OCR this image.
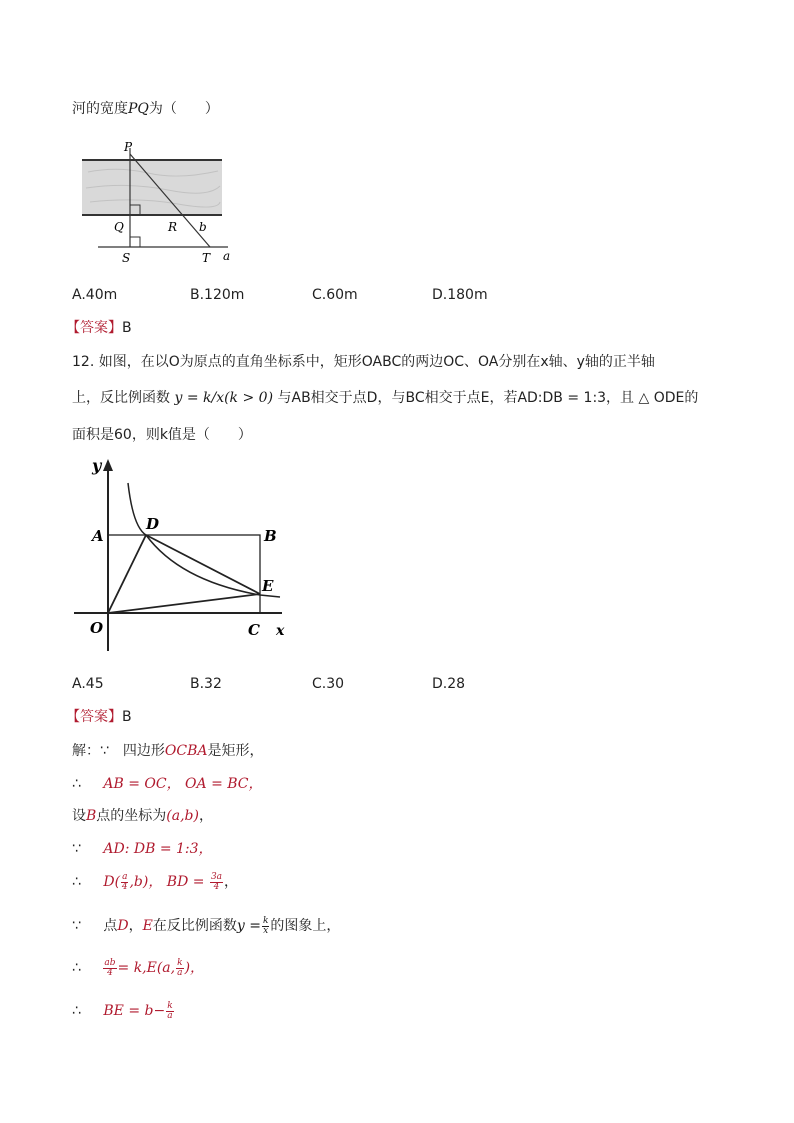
河的宽度PQ为（　　）
P
Q	R b
S	T a
A.40m	B.120m	C.60m	D.180m
【答案】B
12. 如图，在以O为原点的直角坐标系中，矩形OABC的两边OC、OA分别在x轴、y轴的正半轴
上，反比例函数 y = k/x(k > 0) 与AB相交于点D，与BC相交于点E，若AD:DB = 1:3，且 △ ODE的
面积是60，则k值是（　　）
y
A
D
B
E
O	C x
A.45	B.32	C.30	D.28
【答案】B
解：∵　四边形OCBA是矩形，
∴ AB = OC， OA = BC，
设B点的坐标为(a,b)，
∵ AD: DB = 1:3，
∴ $D( \frac{a}{4} ,b)$， BD = $\frac{3a}{4}$ ，
∵ 点D，E在反比例函数$y = \frac{k}{x}$ 的图象上，
∴ $\frac{ab}{4} = k,E(a$, $\frac{k}{a}$ )，
∴ BE = $b- \frac{k}{a}$
